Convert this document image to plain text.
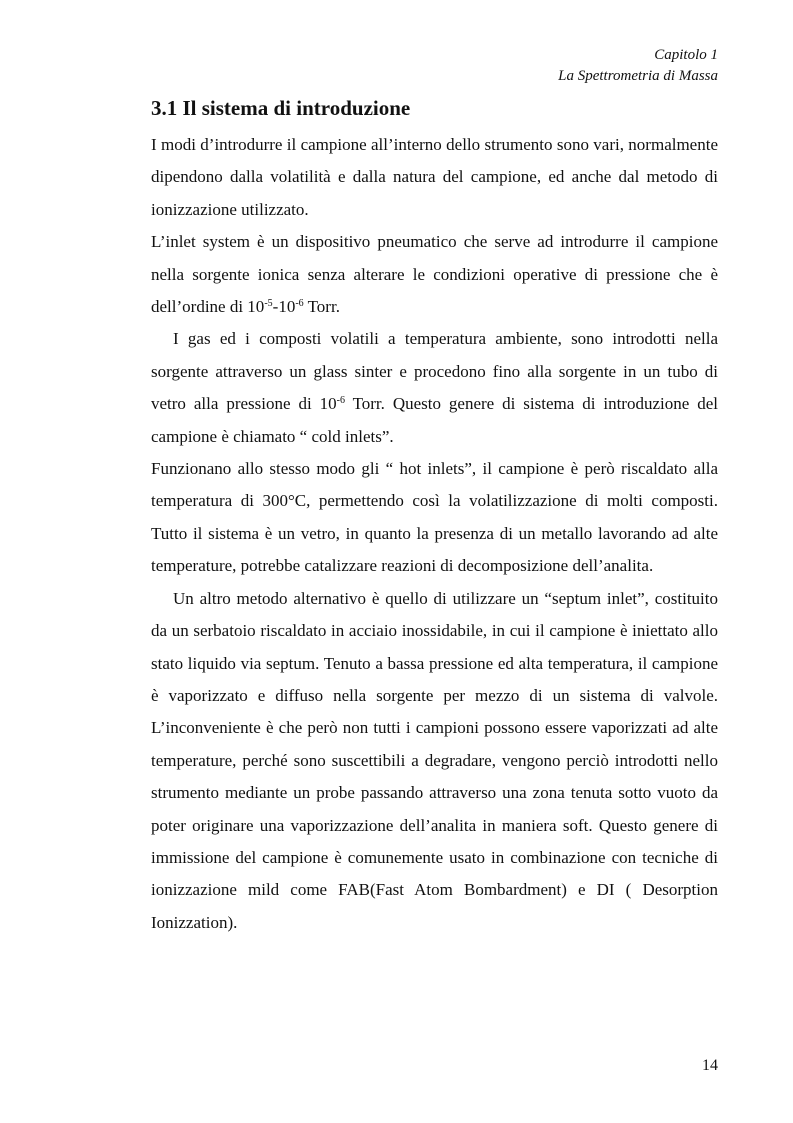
Capitolo 1
La Spettrometria di Massa
3.1 Il sistema di introduzione

I modi d’introdurre il campione all’interno dello strumento sono vari, normalmente dipendono dalla volatilità e dalla natura del campione, ed anche dal metodo di ionizzazione utilizzato.

L’inlet system è un dispositivo pneumatico che serve ad introdurre il campione nella sorgente ionica senza alterare le condizioni operative di pressione che è dell’ordine di $10^{-5}-10^{-6}$ Torr.

I gas ed i composti volatili a temperatura ambiente, sono introdotti nella sorgente attraverso un glass sinter e procedono fino alla sorgente in un tubo di vetro alla pressione di $10^{-6}$ Torr. Questo genere di sistema di introduzione del campione è chiamato “ cold inlets”.

Funzionano allo stesso modo gli “ hot inlets”, il campione è però riscaldato alla temperatura di 300°C, permettendo così la volatilizzazione di molti composti. Tutto il sistema è un vetro, in quanto la presenza di un metallo lavorando ad alte temperature, potrebbe catalizzare reazioni di decomposizione dell’analita.

Un altro metodo alternativo è quello di utilizzare un “septum inlet”, costituito da un serbatoio riscaldato in acciaio inossidabile, in cui il campione è iniettato allo stato liquido via septum. Tenuto a bassa pressione ed alta temperatura, il campione è vaporizzato e diffuso nella sorgente per mezzo di un sistema di valvole. L’inconveniente è che però non tutti i campioni possono essere vaporizzati ad alte temperature, perché sono suscettibili a degradare, vengono perciò introdotti nello strumento mediante un probe passando attraverso una zona tenuta sotto vuoto da poter originare una vaporizzazione dell’analita in maniera soft. Questo genere di immissione del campione è comunemente usato in combinazione con tecniche di ionizzazione mild come FAB(Fast Atom Bombardment) e DI ( Desorption Ionizzation).

14
